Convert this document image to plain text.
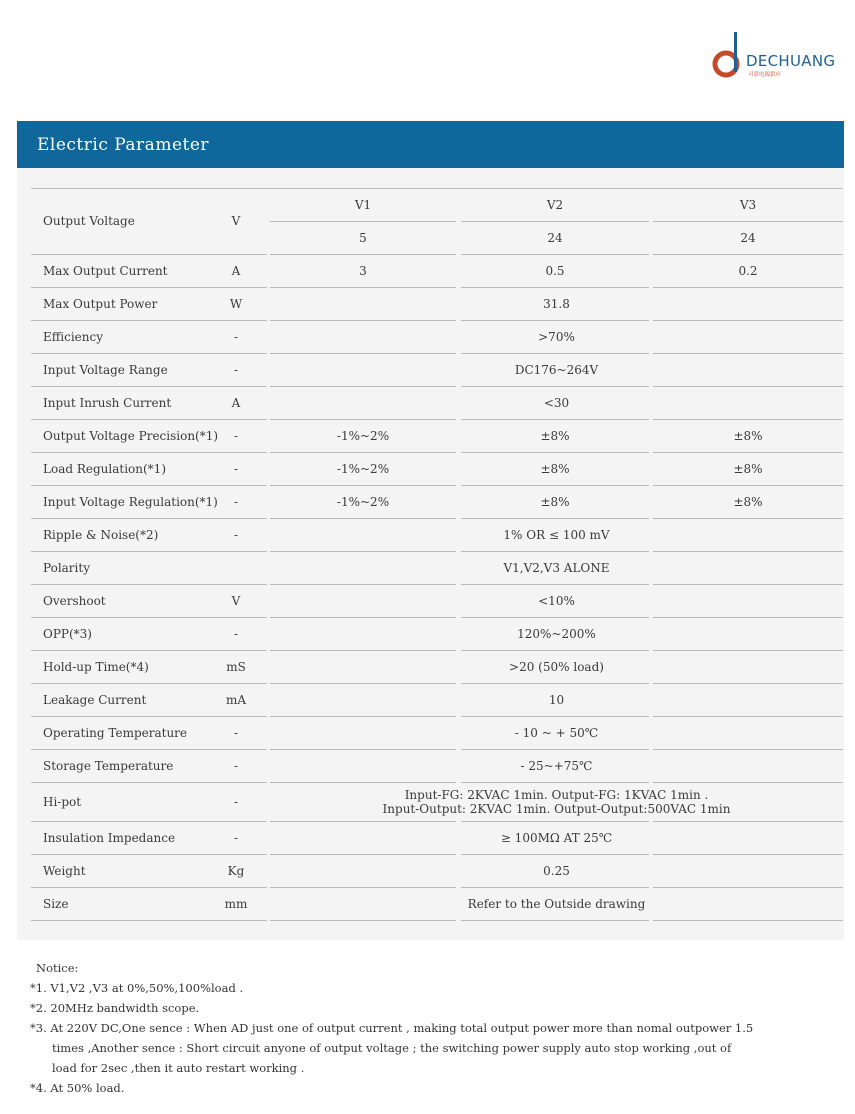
DECHUANG
可靠电源供应
Electric Parameter
Output Voltage	V
V1	V2	V3
5	24	24
Max Output Current	A	3	0.5	0.2
Max Output Power	W	31.8
Efficiency	-	>70%
Input Voltage Range	-	DC176~264V
Input Inrush Current	A	<30
Output Voltage Precision(*1)	-	-1%~2%	±8%	±8%
Load Regulation(*1)	-	-1%~2%	±8%	±8%
Input Voltage Regulation(*1)	-	-1%~2%	±8%	±8%
Ripple & Noise(*2)	-	1% OR ≤ 100 mV
Polarity	V1,V2,V3 ALONE
Overshoot	V	<10%
OPP(*3)	-	120%~200%
Hold-up Time(*4)	mS	>20 (50% load)
Leakage Current	mA	10
Operating Temperature	-	- 10 ~ + 50℃
Storage Temperature	-	- 25~+75℃
Hi-pot	-	Input-FG: 2KVAC 1min. Output-FG: 1KVAC 1min .
Input-Output: 2KVAC 1min. Output-Output:500VAC 1min
Insulation Impedance	-	≥ 100MΩ AT 25℃
Weight	Kg	0.25
Size	mm	Refer to the Outside drawing
Notice:
*1. V1,V2 ,V3 at 0%,50%,100%load .
*2. 20MHz bandwidth scope.
*3. At 220V DC,One sence : When AD just one of output current , making total output power more than nomal outpower 1.5
times ,Another sence : Short circuit anyone of output voltage ; the switching power supply auto stop working ,out of
load for 2sec ,then it auto restart working .
*4. At 50% load.
